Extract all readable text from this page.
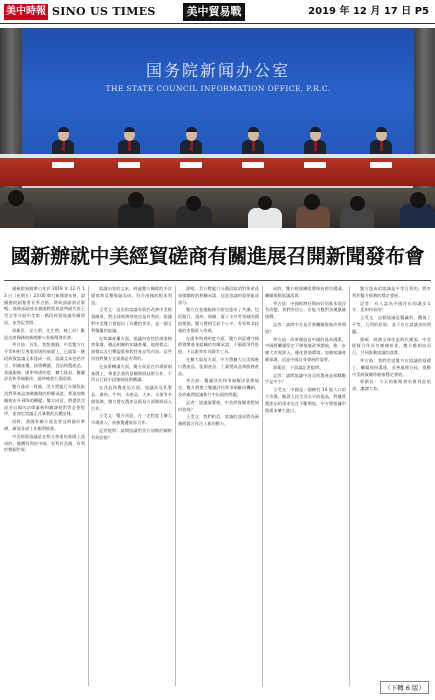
美中時報 SINO US TIMES	美中貿易戰	2019 年 12 月 17 日 P5
国务院新闻办公室
THE STATE COUNCIL INFORMATION OFFICE, P.R.C.
國新辦就中美經貿磋商有關進展召開新聞發布會

國務院新聞辦公室於 2019 年 12 月 13 日（星期五）23:00 舉行新聞發布會，請國務院副秘書長寧吉喆、財政部副部長廖岷、商務部副部長兼國際貿易談判副代表王受文等介紹中美第一階段經貿協議有關情況，並答記者問。

郭衛民：女士們、先生們，晚上好！歡迎出席國務院新聞辦公室新聞發布會。

寧吉喆：首先，我想強調，中美雙方在平等和相互尊重原則的基礎上，已就第一階段經貿協議文本達成一致。協議文本包括序言、知識產權、技術轉讓、食品和農產品、金融服務、匯率和透明度、擴大貿易、雙邊評估和爭端解決、最終條款九個章節。

雙方達成一致後，美方將履行分階段取消對華產品加徵關稅的相關承諾，實現加徵關稅由升到降的轉變。雙方同意，將盡快完成各自國內法律審核和翻譯校對等必要程序，並商定協議正式簽署的具體安排。

同時，我國有關方面也要及時做好準備，確保各項工作順利推進。

中美經貿協議是在相互尊重的基礎上達成的，總體有利於中國、有利於美國、有利於整個世界。

協議內容的文本，經過雙方團隊的多次磋商和反覆推敲而成，符合兩國的根本利益。

王受文：這次的協議有助於改善中美經貿關係，對全球經濟發展也是有利的。協議對中美雙方都提出了具體的要求，是一個互利雙贏的協議。

在知識產權方面，協議內容包括商業秘密保護、藥品相關的知識產權、地理標志、商標以及打擊盜版和假冒產品等內容，這些內容對雙方企業都是有利的。

在技術轉讓方面，雙方同意在市場原則基礎上，尊重企業的意願開展技術合作，不得以行政手段強制技術轉讓。

在食品和農產品方面，協議涉及乳製品、禽肉、牛肉、水產品、大米、水果等多個領域，雙方將在農產品貿易方面開展深入合作。

王受文：雙方同意，在一定程度上擴大市場准入，加強雙邊貿易合作。

記者提問：請問協議對美方加徵的關稅有何安排？

廖岷：美方將履行分階段取消對華產品加徵關稅的相關承諾，這是協議的重要組成部分。

雙方在金融服務方面也達成了共識，包括銀行、證券、保險、電子支付等領域的開放措施，雙方將相互給予公平、有效和非歧視的市場准入待遇。

在匯率和透明度方面，雙方同意遵守國際貨幣基金組織的有關承諾，不搞競爭性貶值，不以匯率作為競爭工具。

在擴大貿易方面，中方將擴大自美國進口農產品、能源產品、工業製成品和服務產品。

寧吉喆：雙邊評估和爭端解決章節規定，雙方將建立雙邊評估和爭端解決機制，及時處理協議執行中出現的問題。

記者：協議簽署後，中美經貿關係將如何發展？

王受文：我們相信，協議的達成將為兩國經貿合作注入新的動力。

同時，雙方經貿團隊將保持密切溝通，繼續推動協議落實。

寧吉喆：中國經濟長期向好的基本面沒有改變，我們有信心、有能力應對各種風險挑戰。

記者：請問中方是否會繼續推進改革開放？

寧吉喆：改革開放是中國的基本國策，中國將繼續堅定不移推進改革開放，進一步擴大市場准入，優化營商環境，加強知識產權保護，這是中國自身發展的需要。

郭衛民：下面請記者提問。

記者：請問協議中涉及的農產品採購數字是多少？

王受文：中國是一個擁有 14 億人口的大市場，隨著人民生活水平的提高，對優質農產品的需求也在不斷增加。中方將根據市場需求擴大進口。

雙方達成的協議是平等互利的，將有利於雙方經濟的穩定發展。

記者：有人認為中國作出的讓步太多，您如何看待？

王受文：這個協議是雙贏的，體現了平等、互利的原則，並不存在誰讓步的問題。

廖岷：經濟全球化是時代潮流，中美經貿合作具有廣闊前景，雙方應相向而行，共同推動協議的落實。

寧吉喆：我們希望雙方在協議的基礎上，繼續保持溝通，妥善處理分歧，推動中美經貿關係健康穩定發展。

郭衛民：今天的新聞發布會到此結束，謝謝大家。

（下轉 6 版）
